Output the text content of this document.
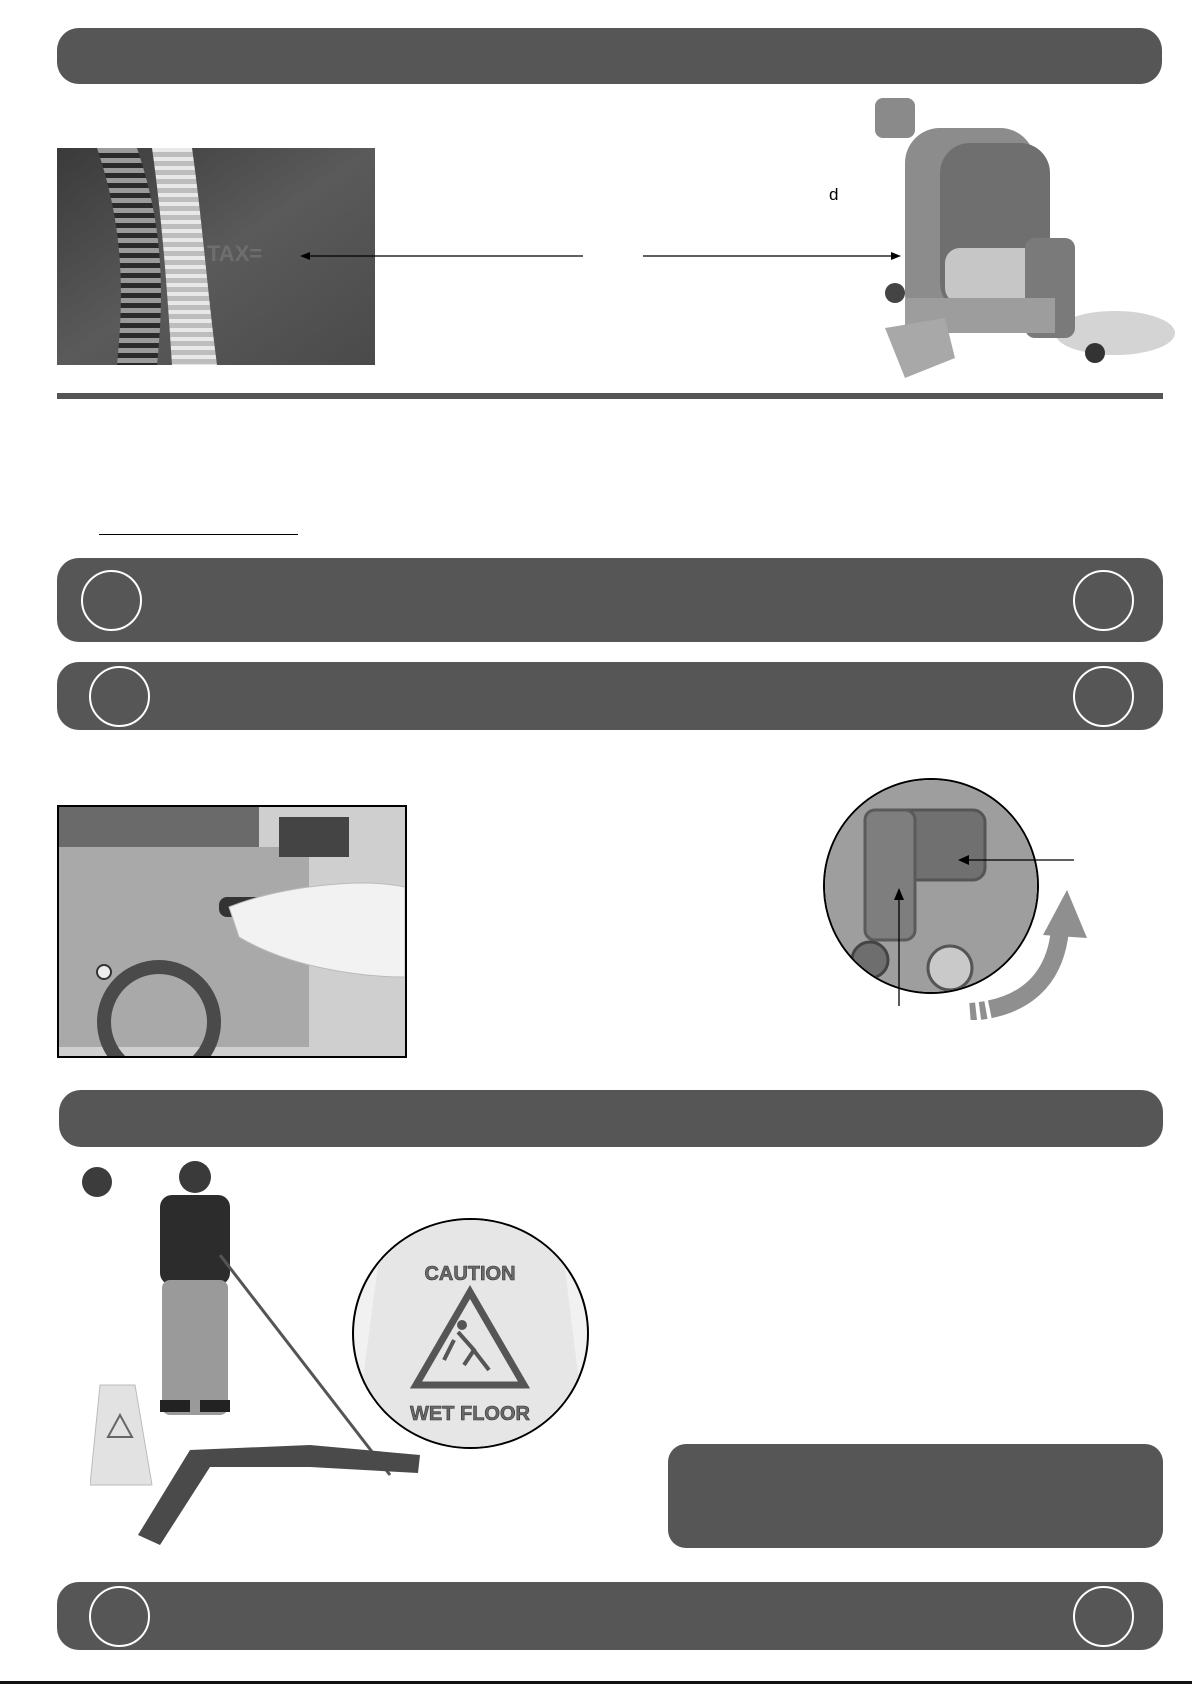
TAX=
d
CAUTION
WET FLOOR
